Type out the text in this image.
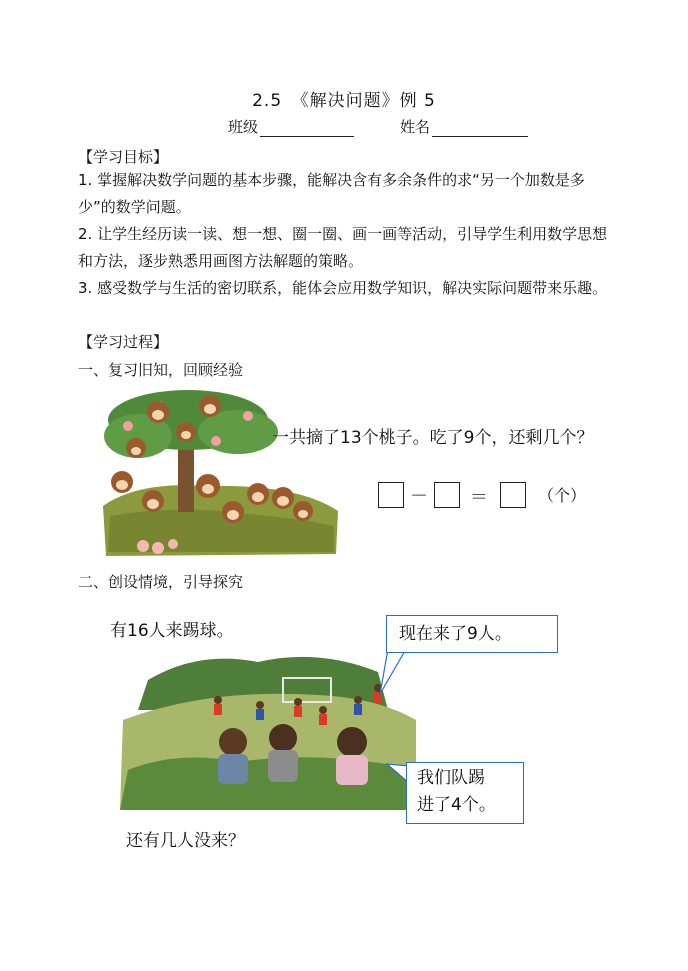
2.5　《解决问题》例 5
班级	姓名
【学习目标】
1. 掌握解决数学问题的基本步骤，能解决含有多余条件的求“另一个加数是多少”的数学问题。
2. 让学生经历读一读、想一想、圈一圈、画一画等活动，引导学生利用数学思想和方法，逐步熟悉用画图方法解题的策略。
3. 感受数学与生活的密切联系，能体会应用数学知识，解决实际问题带来乐趣。
【学习过程】
一、复习旧知，回顾经验
一共摘了13个桃子。吃了9个，还剩几个？
－ ＝	（个）
二、创设情境，引导探究
有16人来踢球。	现在来了9人。
我们队踢
进了4个。
还有几人没来？
